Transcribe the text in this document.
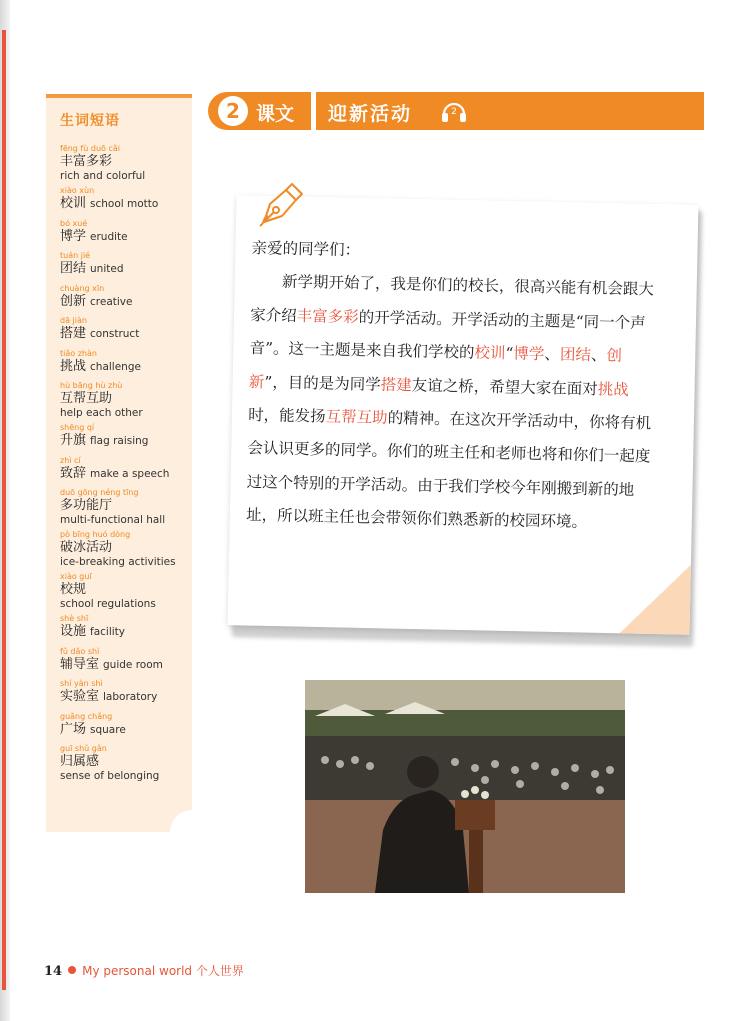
生词短语
fēng fù duō cǎi
丰富多彩
rich and colorful
xiào xùn
校训 school motto
bó xué
博学 erudite
tuán jié
团结 united
chuàng xīn
创新 creative
dā jiàn
搭建 construct
tiǎo zhàn
挑战 challenge
hù bāng hù zhù
互帮互助
help each other
shēng qí
升旗 flag raising
zhì cí
致辞 make a speech
duō gōng néng tīng
多功能厅
multi-functional hall
pò bīng huó dòng
破冰活动
ice-breaking activities
xiào guī
校规
school regulations
shè shī
设施 facility
fǔ dǎo shì
辅导室 guide room
shí yàn shì
实验室 laboratory
guǎng chǎng
广场 square
guī shǔ gǎn
归属感
sense of belonging
2 课文 迎新活动	2

亲爱的同学们：

新学期开始了，我是你们的校长，很高兴能有机会跟大家介绍丰富多彩的开学活动。开学活动的主题是“同一个声音”。这一主题是来自我们学校的校训“博学、团结、创新”，目的是为同学搭建友谊之桥，希望大家在面对挑战时，能发扬互帮互助的精神。在这次开学活动中，你将有机会认识更多的同学。你们的班主任和老师也将和你们一起度过这个特别的开学活动。由于我们学校今年刚搬到新的地址，所以班主任也会带领你们熟悉新的校园环境。

14 My personal world 个人世界
